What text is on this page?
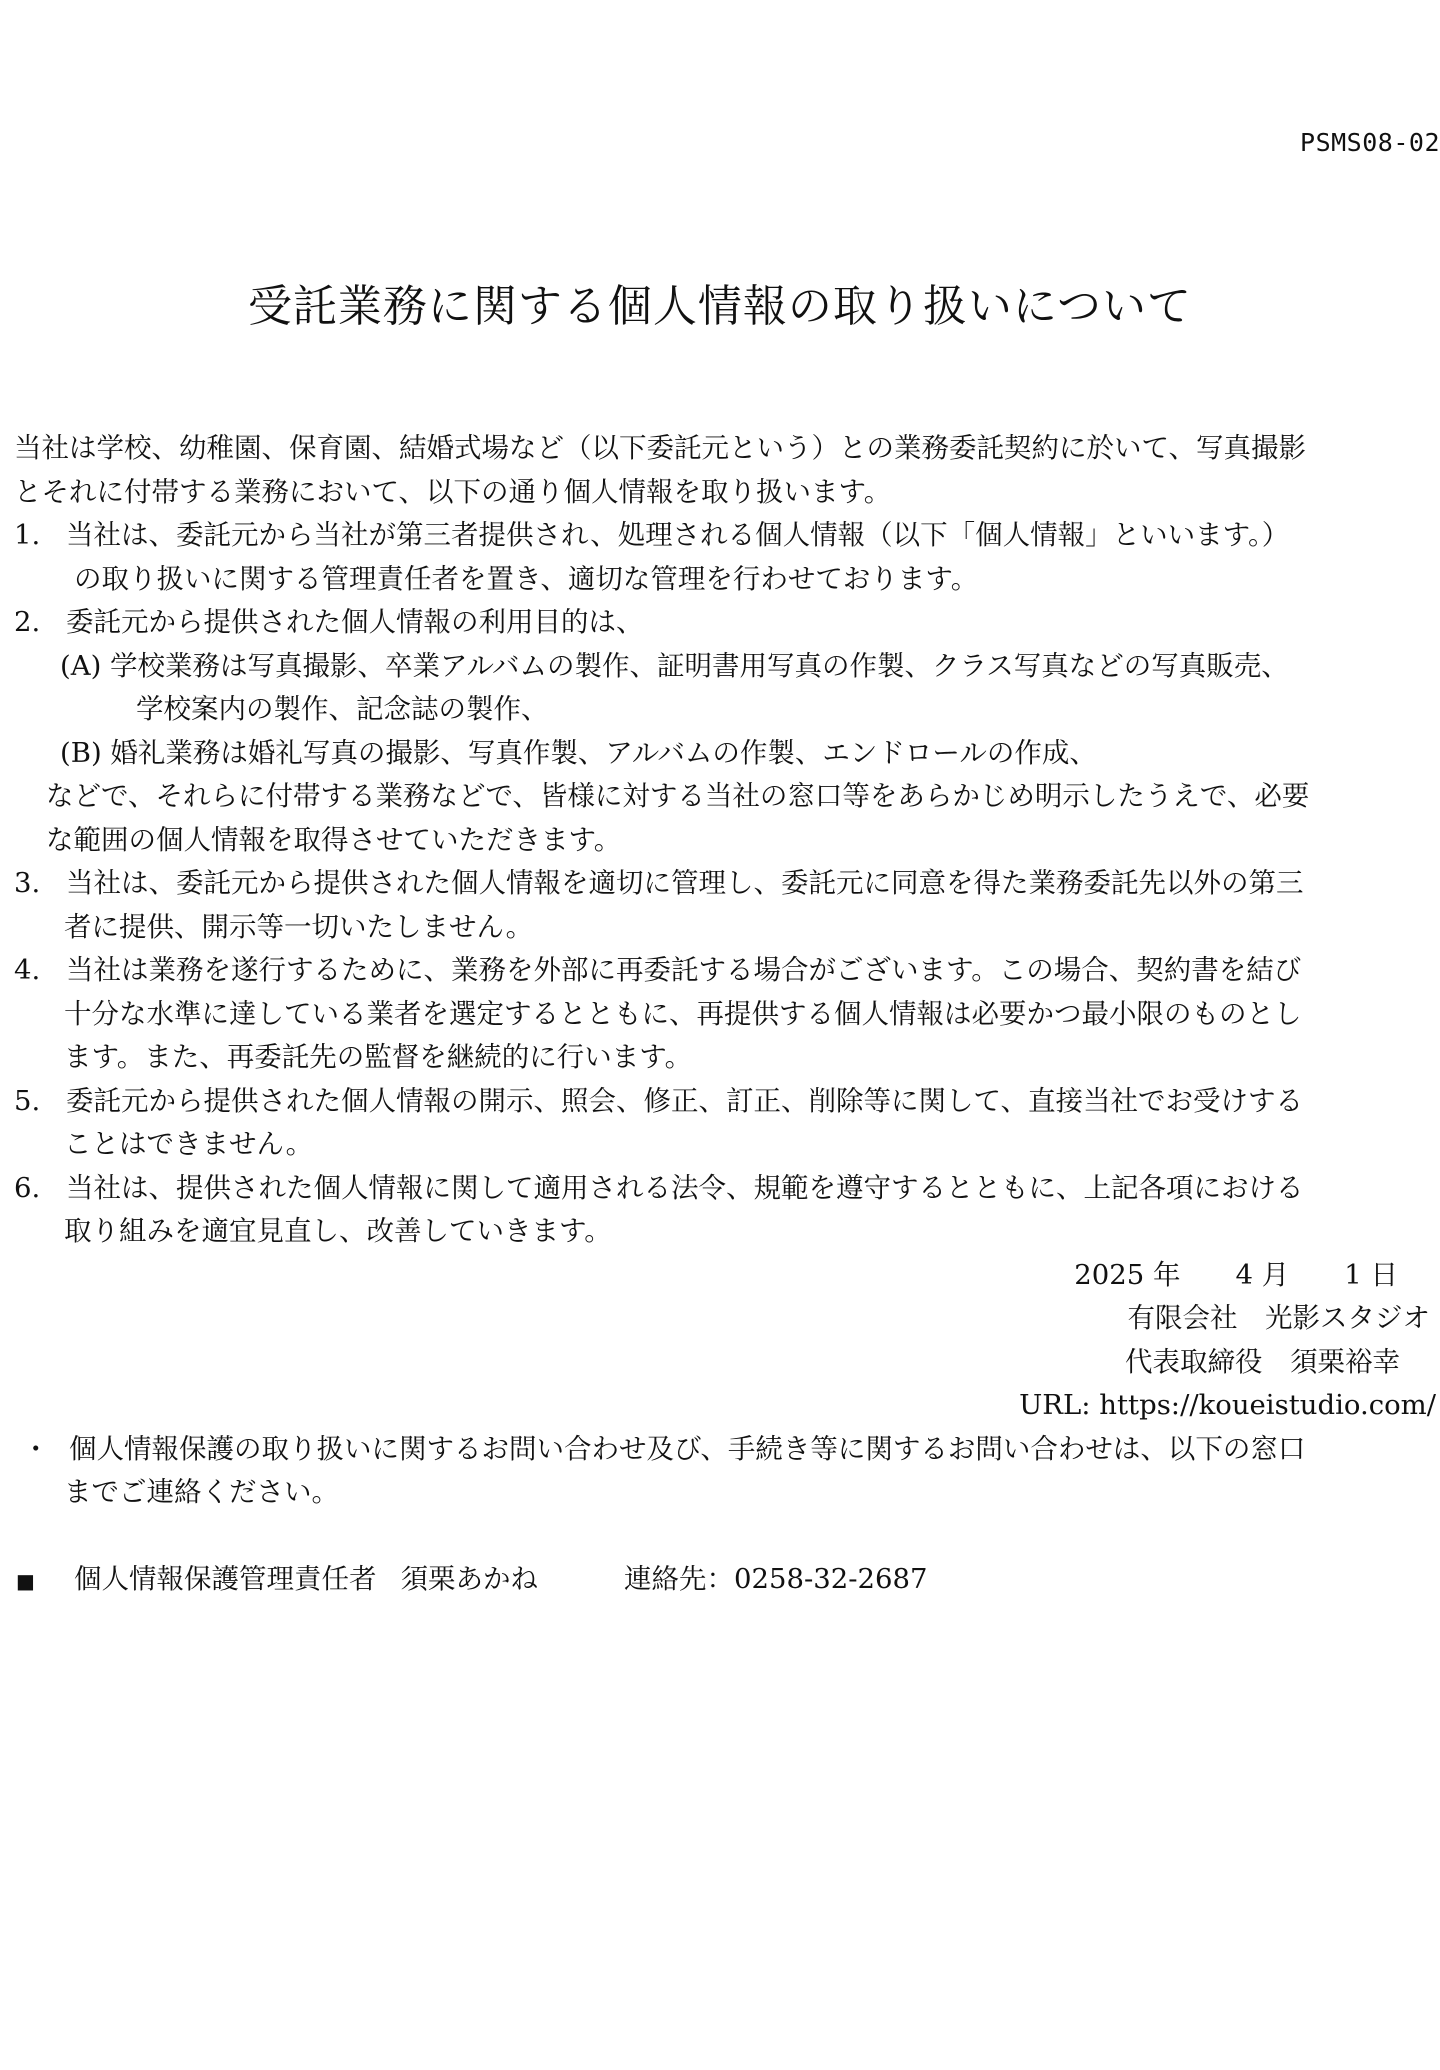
PSMS08-02
受託業務に関する個人情報の取り扱いについて
当社は学校、幼稚園、保育園、結婚式場など（以下委託元という）との業務委託契約に於いて、写真撮影
とそれに付帯する業務において、以下の通り個人情報を取り扱います。
1. 当社は、委託元から当社が第三者提供され、処理される個人情報（以下「個人情報」といいます。）
の取り扱いに関する管理責任者を置き、適切な管理を行わせております。
2. 委託元から提供された個人情報の利用目的は、
(A) 学校業務は写真撮影、卒業アルバムの製作、証明書用写真の作製、クラス写真などの写真販売、
学校案内の製作、記念誌の製作、
(B) 婚礼業務は婚礼写真の撮影、写真作製、アルバムの作製、エンドロールの作成、
などで、それらに付帯する業務などで、皆様に対する当社の窓口等をあらかじめ明示したうえで、必要
な範囲の個人情報を取得させていただきます。
3. 当社は、委託元から提供された個人情報を適切に管理し、委託元に同意を得た業務委託先以外の第三
者に提供、開示等一切いたしません。
4. 当社は業務を遂行するために、業務を外部に再委託する場合がございます。この場合、契約書を結び
十分な水準に達している業者を選定するとともに、再提供する個人情報は必要かつ最小限のものとし
ます。また、再委託先の監督を継続的に行います。
5. 委託元から提供された個人情報の開示、照会、修正、訂正、削除等に関して、直接当社でお受けする
ことはできません。
6. 当社は、提供された個人情報に関して適用される法令、規範を遵守するとともに、上記各項における
取り組みを適宜見直し、改善していきます。
2025 年　　4 月　　1 日
有限会社　光影スタジオ
代表取締役　須栗裕幸
URL: https://koueistudio.com/
・ 個人情報保護の取り扱いに関するお問い合わせ及び、手続き等に関するお問い合わせは、以下の窓口
までご連絡ください。
■	個人情報保護管理責任者 須栗あかね	連絡先：0258-32-2687
